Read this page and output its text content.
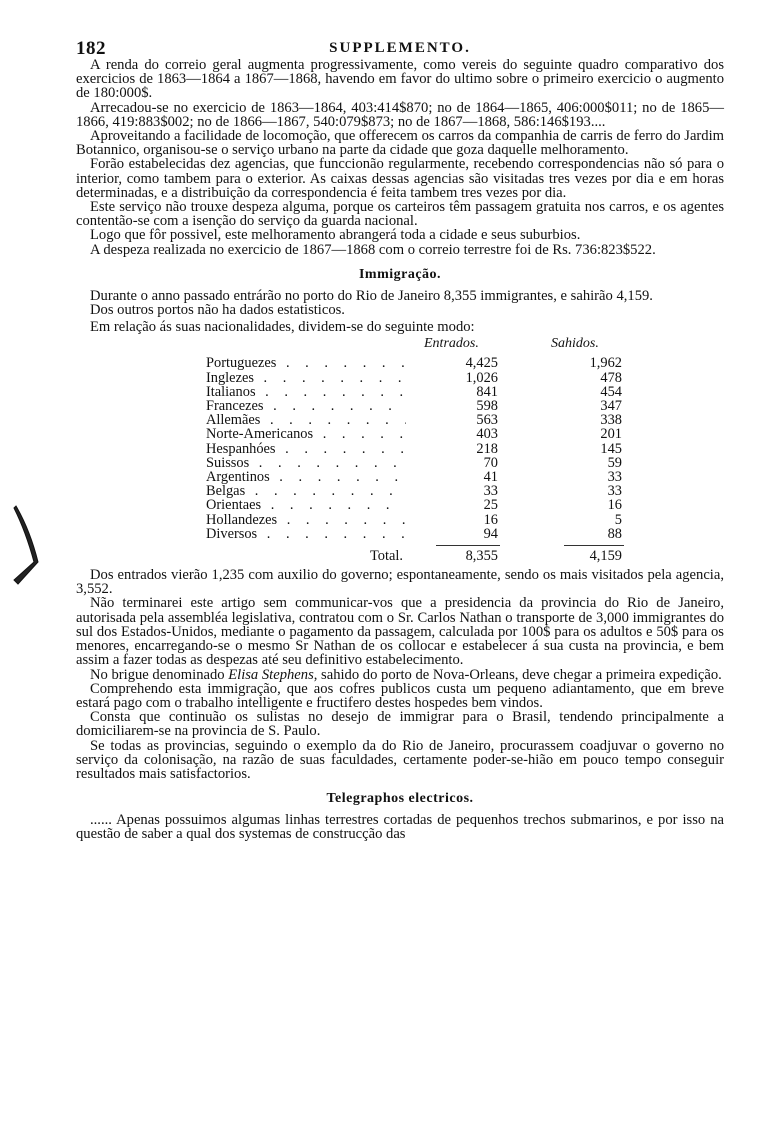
182	SUPPLEMENTO.

A renda do correio geral augmenta progressivamente, como vereis do seguinte quadro comparativo dos exercicios de 1863—1864 a 1867—1868, havendo em favor do ultimo sobre o primeiro exercicio o augmento de 180:000$.

Arrecadou-se no exercicio de 1863—1864, 403:414$870; no de 1864—1865, 406:000$011; no de 1865—1866, 419:883$002; no de 1866—1867, 540:079$873; no de 1867—1868, 586:146$193....

Aproveitando a facilidade de locomoção, que offerecem os carros da companhia de carris de ferro do Jardim Botannico, organisou-se o serviço urbano na parte da cidade que goza daquelle melhoramento.

Forão estabelecidas dez agencias, que funccionão regularmente, recebendo correspondencias não só para o interior, como tambem para o exterior. As caixas dessas agencias são visitadas tres vezes por dia e em horas determinadas, e a distribuição da correspondencia é feita tambem tres vezes por dia.

Este serviço não trouxe despeza alguma, porque os carteiros têm passagem gratuita nos carros, e os agentes contentão-se com a isenção do serviço da guarda nacional.

Logo que fôr possivel, este melhoramento abrangerá toda a cidade e seus suburbios.

A despeza realizada no exercicio de 1867—1868 com o correio terrestre foi de Rs. 736:823$522.

Immigração.

Durante o anno passado entrárão no porto do Rio de Janeiro 8,355 immigrantes, e sahirão 4,159.

Dos outros portos não ha dados estatisticos.

Em relação ás suas nacionalidades, dividem-se do seguinte modo:

Entrados.	Sahidos.
Portuguezes . . .	4,425	1,962
Inglezes . . .	1,026	478
Italianos . . .	841	454
Francezes . . .	598	347
Allemães . . .	563	338
Norte-Americanos . . .	403	201
Hespanhóes . . .	218	145
Suissos . . .	70	59
Argentinos . . .	41	33
Belgas . . .	33	33
Orientaes . . .	25	16
Hollandezes . . .	16	5
Diversos . . .	94	88
Total.	8,355	4,159

Dos entrados vierão 1,235 com auxilio do governo; espontaneamente, sendo os mais visitados pela agencia, 3,552.

Não terminarei este artigo sem communicar-vos que a presidencia da provincia do Rio de Janeiro, autorisada pela assembléa legislativa, contratou com o Sr. Carlos Nathan o transporte de 3,000 immigrantes do sul dos Estados-Unidos, mediante o pagamento da passagem, calculada por 100$ para os adultos e 50$ para os menores, encarregando-se o mesmo Sr Nathan de os collocar e estabelecer á sua custa na provincia, e bem assim a fazer todas as despezas até seu definitivo estabelecimento.

No brigue denominado Elisa Stephens, sahido do porto de Nova-Orleans, deve chegar a primeira expedição.

Comprehendo esta immigração, que aos cofres publicos custa um pequeno adiantamento, que em breve estará pago com o trabalho intelligente e fructifero destes hospedes bem vindos.

Consta que continuão os sulistas no desejo de immigrar para o Brasil, tendendo principalmente a domiciliarem-se na provincia de S. Paulo.

Se todas as provincias, seguindo o exemplo da do Rio de Janeiro, procurassem coadjuvar o governo no serviço da colonisação, na razão de suas faculdades, certamente poder-se-hião em pouco tempo conseguir resultados mais satisfactorios.

Telegraphos electricos.

...... Apenas possuimos algumas linhas terrestres cortadas de pequenhos trechos submarinos, e por isso na questão de saber a qual dos systemas de construcção das
